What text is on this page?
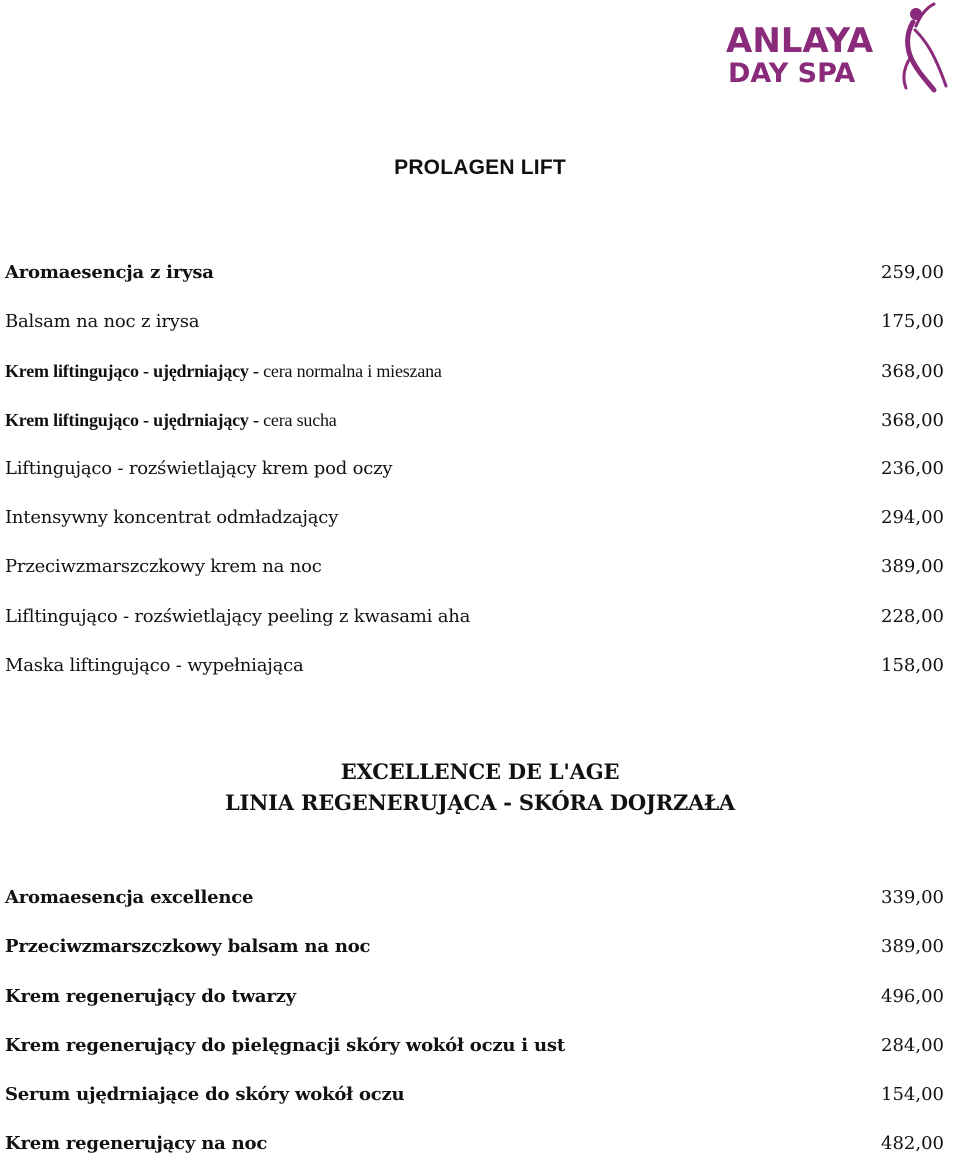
ANLAYA
DAY SPA
PROLAGEN LIFT
Aromaesencja z irysa	259,00
Balsam na noc z irysa	175,00
Krem liftingująco - ujędrniający - cera normalna i mieszana	368,00
Krem liftingująco - ujędrniający - cera sucha	368,00
Liftingująco - rozświetlający krem pod oczy	236,00
Intensywny koncentrat odmładzający	294,00
Przeciwzmarszczkowy krem na noc	389,00
Lifltingująco - rozświetlający peeling z kwasami aha	228,00
Maska liftingująco - wypełniająca	158,00
EXCELLENCE DE L'AGE
LINIA REGENERUJĄCA - SKÓRA DOJRZAŁA
Aromaesencja excellence	339,00
Przeciwzmarszczkowy balsam na noc	389,00
Krem regenerujący do twarzy	496,00
Krem regenerujący do pielęgnacji skóry wokół oczu i ust	284,00
Serum ujędrniające do skóry wokół oczu	154,00
Krem regenerujący na noc	482,00
